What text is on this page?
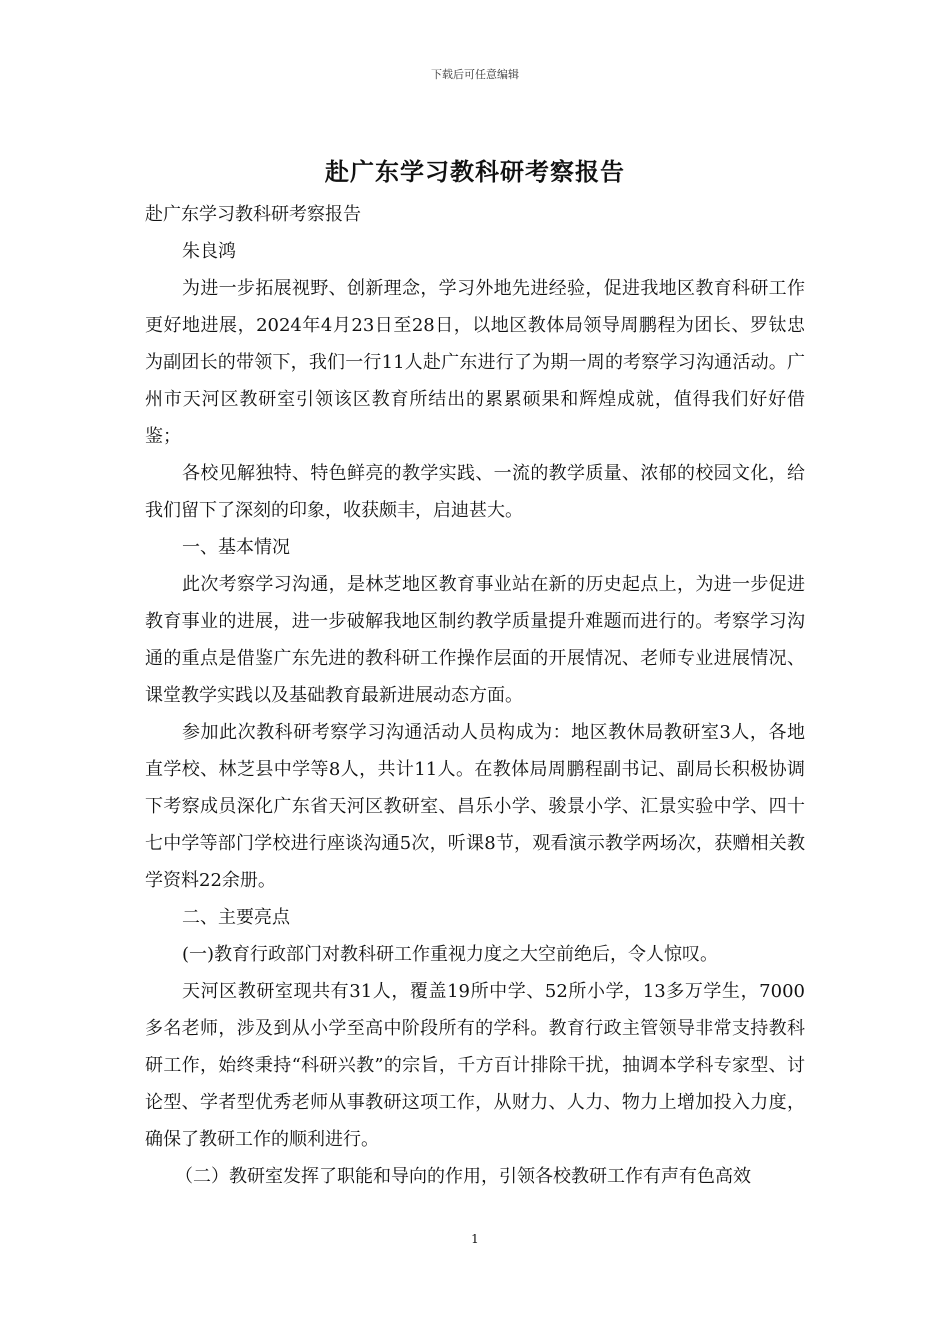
下载后可任意编辑
赴广东学习教科研考察报告

赴广东学习教科研考察报告

朱良鸿

为进一步拓展视野、创新理念，学习外地先进经验，促进我地区教育科研工作更好地进展，2024年4月23日至28日，以地区教体局领导周鹏程为团长、罗钛忠为副团长的带领下，我们一行11人赴广东进行了为期一周的考察学习沟通活动。广州市天河区教研室引领该区教育所结出的累累硕果和辉煌成就，值得我们好好借鉴；

各校见解独特、特色鲜亮的教学实践、一流的教学质量、浓郁的校园文化，给我们留下了深刻的印象，收获颇丰，启迪甚大。

一、基本情况

此次考察学习沟通，是林芝地区教育事业站在新的历史起点上，为进一步促进教育事业的进展，进一步破解我地区制约教学质量提升难题而进行的。考察学习沟通的重点是借鉴广东先进的教科研工作操作层面的开展情况、老师专业进展情况、课堂教学实践以及基础教育最新进展动态方面。

参加此次教科研考察学习沟通活动人员构成为：地区教休局教研室3人，各地直学校、林芝县中学等8人，共计11人。在教体局周鹏程副书记、副局长积极协调下考察成员深化广东省天河区教研室、昌乐小学、骏景小学、汇景实验中学、四十七中学等部门学校进行座谈沟通5次，听课8节，观看演示教学两场次，获赠相关教学资料22余册。

二、主要亮点

(一)教育行政部门对教科研工作重视力度之大空前绝后，令人惊叹。

天河区教研室现共有31人，覆盖19所中学、52所小学，13多万学生，7000多名老师，涉及到从小学至高中阶段所有的学科。教育行政主管领导非常支持教科研工作，始终秉持“科研兴教”的宗旨，千方百计排除干扰，抽调本学科专家型、讨论型、学者型优秀老师从事教研这项工作，从财力、人力、物力上增加投入力度，确保了教研工作的顺利进行。

（二）教研室发挥了职能和导向的作用，引领各校教研工作有声有色高效

1
